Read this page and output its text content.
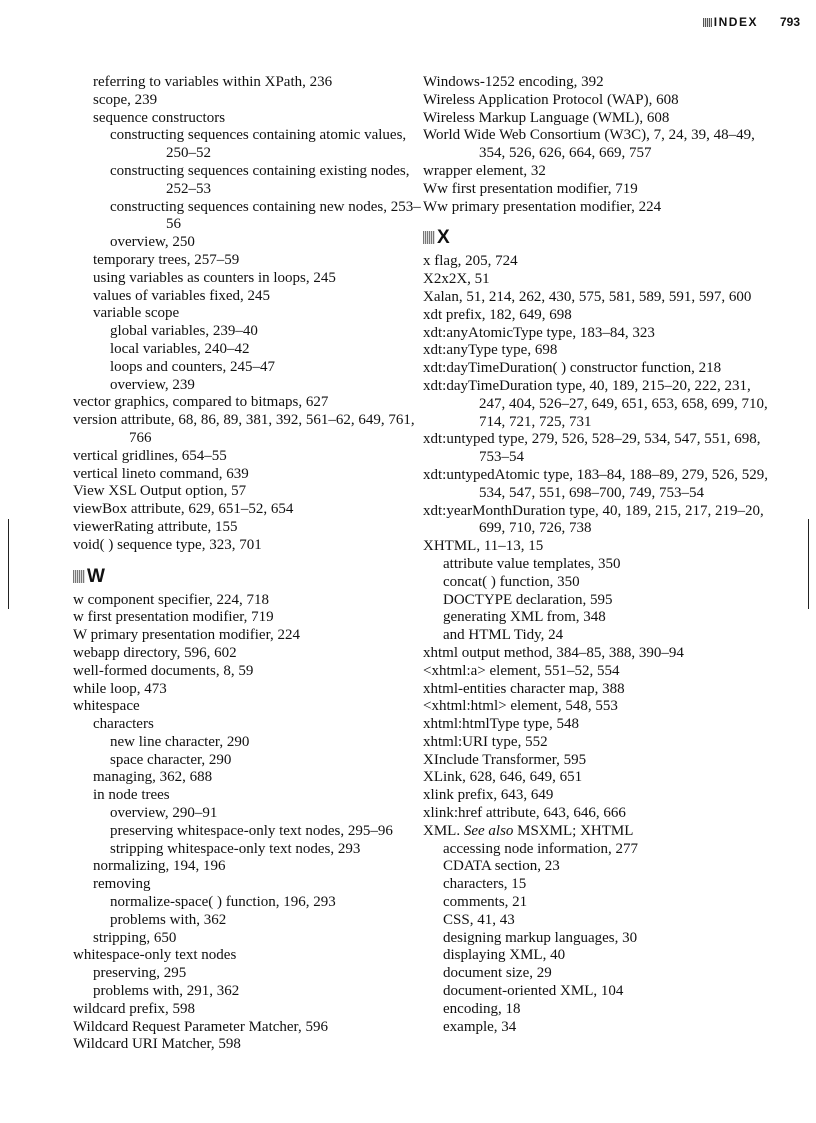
INDEX 793
referring to variables within XPath, 236
scope, 239
sequence constructors
constructing sequences containing atomic values, 250–52
constructing sequences containing existing nodes, 252–53
constructing sequences containing new nodes, 253–56
overview, 250
temporary trees, 257–59
using variables as counters in loops, 245
values of variables fixed, 245
variable scope
global variables, 239–40
local variables, 240–42
loops and counters, 245–47
overview, 239
vector graphics, compared to bitmaps, 627
version attribute, 68, 86, 89, 381, 392, 561–62, 649, 761, 766
vertical gridlines, 654–55
vertical lineto command, 639
View XSL Output option, 57
viewBox attribute, 629, 651–52, 654
viewerRating attribute, 155
void( ) sequence type, 323, 701
W
w component specifier, 224, 718
w first presentation modifier, 719
W primary presentation modifier, 224
webapp directory, 596, 602
well-formed documents, 8, 59
while loop, 473
whitespace
characters
new line character, 290
space character, 290
managing, 362, 688
in node trees
overview, 290–91
preserving whitespace-only text nodes, 295–96
stripping whitespace-only text nodes, 293
normalizing, 194, 196
removing
normalize-space( ) function, 196, 293
problems with, 362
stripping, 650
whitespace-only text nodes
preserving, 295
problems with, 291, 362
wildcard prefix, 598
Wildcard Request Parameter Matcher, 596
Wildcard URI Matcher, 598
Windows-1252 encoding, 392
Wireless Application Protocol (WAP), 608
Wireless Markup Language (WML), 608
World Wide Web Consortium (W3C), 7, 24, 39, 48–49, 354, 526, 626, 664, 669, 757
wrapper element, 32
Ww first presentation modifier, 719
Ww primary presentation modifier, 224
X
x flag, 205, 724
X2x2X, 51
Xalan, 51, 214, 262, 430, 575, 581, 589, 591, 597, 600
xdt prefix, 182, 649, 698
xdt:anyAtomicType type, 183–84, 323
xdt:anyType type, 698
xdt:dayTimeDuration( ) constructor function, 218
xdt:dayTimeDuration type, 40, 189, 215–20, 222, 231, 247, 404, 526–27, 649, 651, 653, 658, 699, 710, 714, 721, 725, 731
xdt:untyped type, 279, 526, 528–29, 534, 547, 551, 698, 753–54
xdt:untypedAtomic type, 183–84, 188–89, 279, 526, 529, 534, 547, 551, 698–700, 749, 753–54
xdt:yearMonthDuration type, 40, 189, 215, 217, 219–20, 699, 710, 726, 738
XHTML, 11–13, 15
attribute value templates, 350
concat( ) function, 350
DOCTYPE declaration, 595
generating XML from, 348
and HTML Tidy, 24
xhtml output method, 384–85, 388, 390–94
<xhtml:a> element, 551–52, 554
xhtml-entities character map, 388
<xhtml:html> element, 548, 553
xhtml:htmlType type, 548
xhtml:URI type, 552
XInclude Transformer, 595
XLink, 628, 646, 649, 651
xlink prefix, 643, 649
xlink:href attribute, 643, 646, 666
XML. See also MSXML; XHTML
accessing node information, 277
CDATA section, 23
characters, 15
comments, 21
CSS, 41, 43
designing markup languages, 30
displaying XML, 40
document size, 29
document-oriented XML, 104
encoding, 18
example, 34
